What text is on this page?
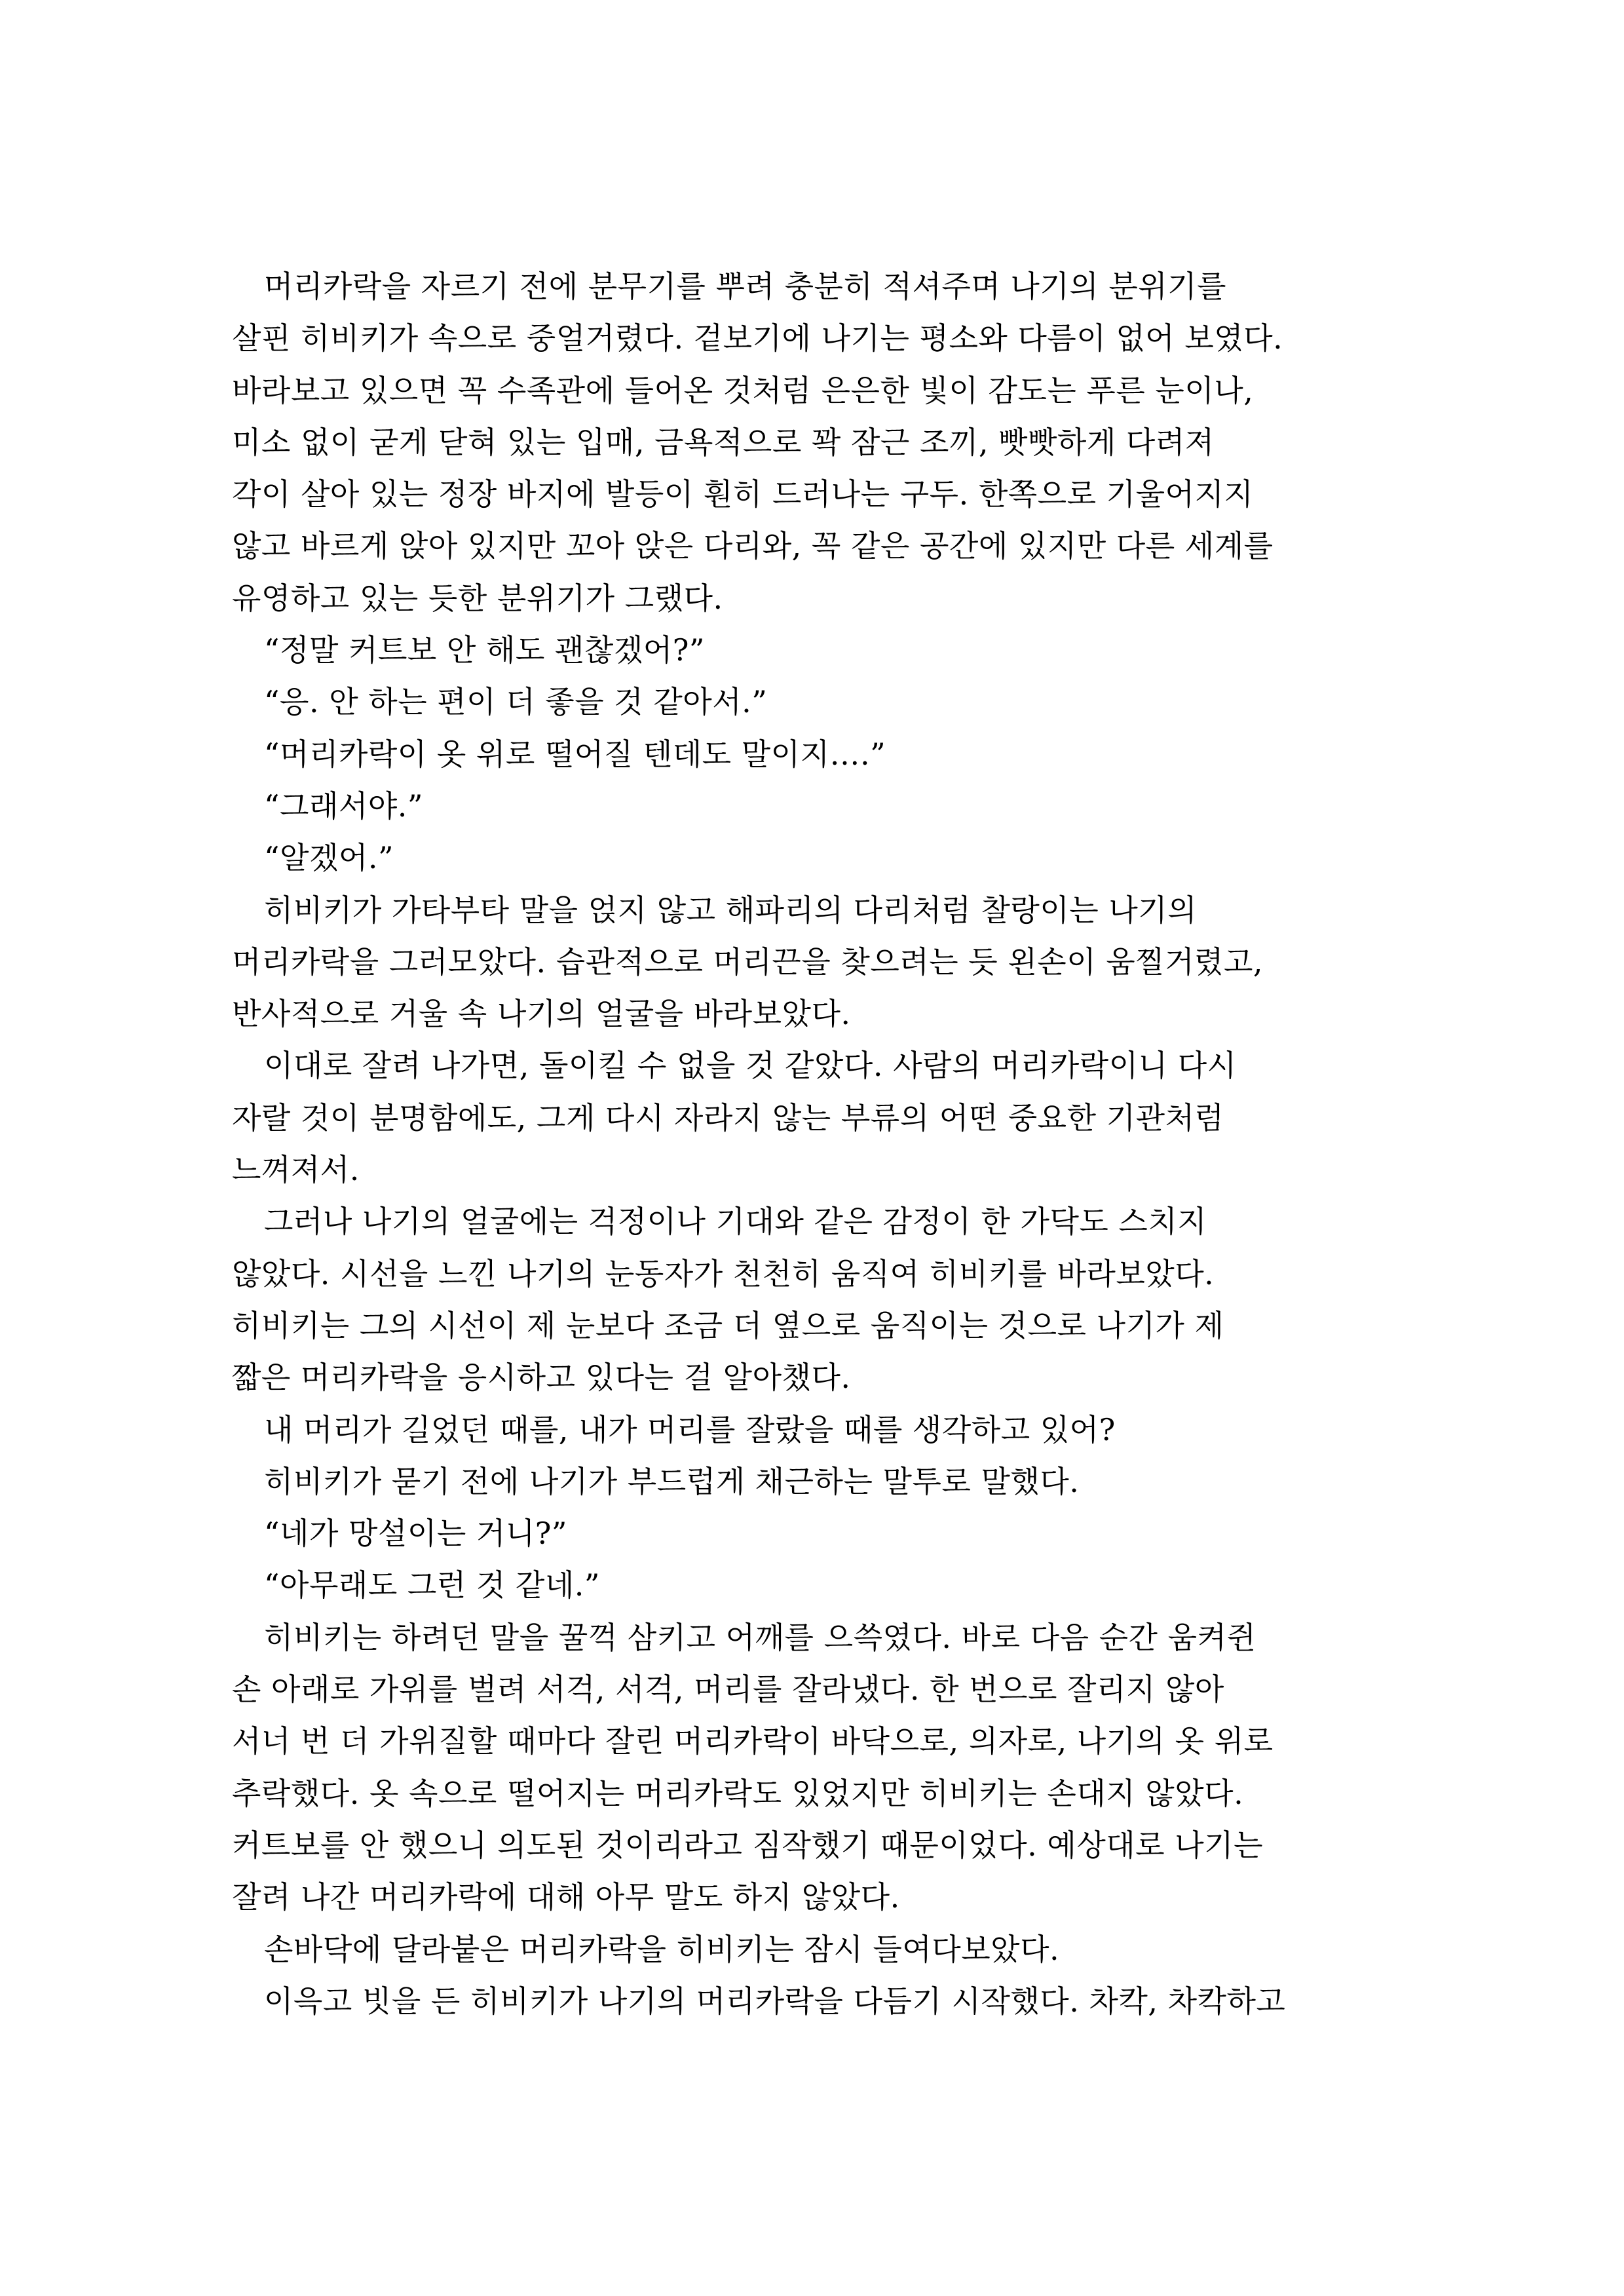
머리카락을 자르기 전에 분무기를 뿌려 충분히 적셔주며 나기의 분위기를
살핀 히비키가 속으로 중얼거렸다. 겉보기에 나기는 평소와 다름이 없어 보였다.
바라보고 있으면 꼭 수족관에 들어온 것처럼 은은한 빛이 감도는 푸른 눈이나,
미소 없이 굳게 닫혀 있는 입매, 금욕적으로 꽉 잠근 조끼, 빳빳하게 다려져
각이 살아 있는 정장 바지에 발등이 훤히 드러나는 구두. 한쪽으로 기울어지지
않고 바르게 앉아 있지만 꼬아 앉은 다리와, 꼭 같은 공간에 있지만 다른 세계를
유영하고 있는 듯한 분위기가 그랬다.
“정말 커트보 안 해도 괜찮겠어?”
“응. 안 하는 편이 더 좋을 것 같아서.”
“머리카락이 옷 위로 떨어질 텐데도 말이지….”
“그래서야.”
“알겠어.”
히비키가 가타부타 말을 얹지 않고 해파리의 다리처럼 찰랑이는 나기의
머리카락을 그러모았다. 습관적으로 머리끈을 찾으려는 듯 왼손이 움찔거렸고,
반사적으로 거울 속 나기의 얼굴을 바라보았다.
이대로 잘려 나가면, 돌이킬 수 없을 것 같았다. 사람의 머리카락이니 다시
자랄 것이 분명함에도, 그게 다시 자라지 않는 부류의 어떤 중요한 기관처럼
느껴져서.
그러나 나기의 얼굴에는 걱정이나 기대와 같은 감정이 한 가닥도 스치지
않았다. 시선을 느낀 나기의 눈동자가 천천히 움직여 히비키를 바라보았다.
히비키는 그의 시선이 제 눈보다 조금 더 옆으로 움직이는 것으로 나기가 제
짧은 머리카락을 응시하고 있다는 걸 알아챘다.
내 머리가 길었던 때를, 내가 머리를 잘랐을 때를 생각하고 있어?
히비키가 묻기 전에 나기가 부드럽게 채근하는 말투로 말했다.
“네가 망설이는 거니?”
“아무래도 그런 것 같네.”
히비키는 하려던 말을 꿀꺽 삼키고 어깨를 으쓱였다. 바로 다음 순간 움켜쥔
손 아래로 가위를 벌려 서걱, 서걱, 머리를 잘라냈다. 한 번으로 잘리지 않아
서너 번 더 가위질할 때마다 잘린 머리카락이 바닥으로, 의자로, 나기의 옷 위로
추락했다. 옷 속으로 떨어지는 머리카락도 있었지만 히비키는 손대지 않았다.
커트보를 안 했으니 의도된 것이리라고 짐작했기 때문이었다. 예상대로 나기는
잘려 나간 머리카락에 대해 아무 말도 하지 않았다.
손바닥에 달라붙은 머리카락을 히비키는 잠시 들여다보았다.
이윽고 빗을 든 히비키가 나기의 머리카락을 다듬기 시작했다. 차칵, 차칵하고
